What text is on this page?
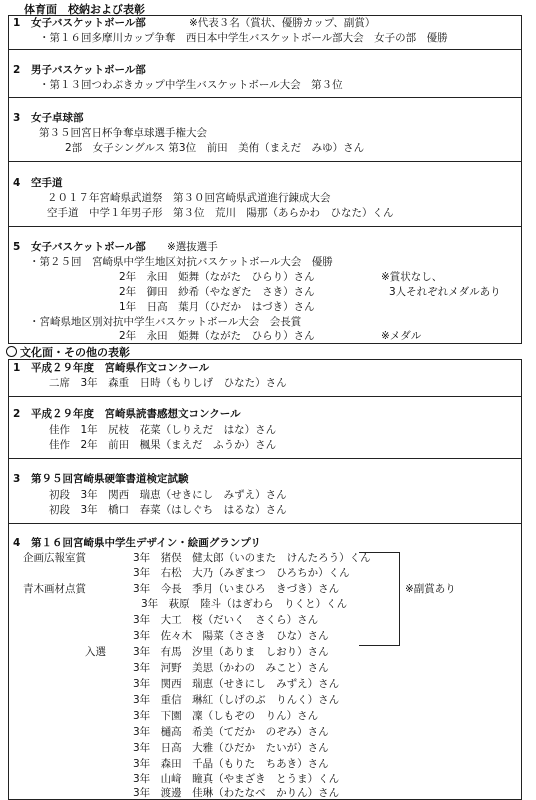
体育面　校納および表彰
1 女子バスケットボール部	※代表３名（賞状、優勝カップ、副賞）
・第１６回多摩川カップ争奪　西日本中学生バスケットボール部大会　女子の部　優勝
2 男子バスケットボール部
・第１３回つわぶきカップ中学生バスケットボール大会　第３位
3 女子卓球部
第３５回宮日杯争奪卓球選手権大会
2部　女子シングルス 第3位　前田　美侑（まえだ　みゆ）さん
4 空手道
２０１７年宮崎県武道祭　第３０回宮崎県武道進行錬成大会
空手道　中学１年男子形　第３位　荒川　陽那（あらかわ　ひなた）くん
5 女子バスケットボール部 ※選抜選手
・第２５回　宮崎県中学生地区対抗バスケットボール大会　優勝
2年　永田　姫舞（ながた　ひらり）さん
2年　御田　紗希（やなぎた　さき）さん
1年　日高　葉月（ひだか　はづき）さん
・宮崎県地区別対抗中学生バスケットボール大会　会長賞
2年　永田　姫舞（ながた　ひらり）さん
※賞状なし、
3人それぞれメダルあり
※メダル
文化面・その他の表彰
1 平成２９年度　宮崎県作文コンクール
二席　3年　森重　日時（もりしげ　ひなた）さん
2 平成２９年度　宮崎県読書感想文コンクール
佳作　1年　尻枝　花菜（しりえだ　はな）さん
佳作　2年　前田　楓果（まえだ　ふうか）さん
3 第９５回宮崎県硬筆書道検定試験
初段　3年　関西　瑞恵（せきにし　みずえ）さん
初段　3年　橋口　春菜（はしぐち　はるな）さん
4 第１６回宮崎県中学生デザイン・絵画グランプリ
企画広報室賞
青木画材点賞
入選
3年　猪俣　健太郎（いのまた　けんたろう）くん
3年　右松　大乃（みぎまつ　ひろちか）くん
3年　今長　季月（いまひろ　きづき）さん
3年　萩原　陸斗（はぎわら　りくと）くん
3年　大工　桜（だいく　さくら）さん
3年　佐々木　陽菜（ささき　ひな）さん
3年　有馬　汐里（ありま　しおり）さん
3年　河野　美思（かわの　みこと）さん
3年　関西　瑞恵（せきにし　みずえ）さん
3年　重信　琳紅（しげのぶ　りんく）さん
3年　下園　凜（しもぞの　りん）さん
3年　樋高　希美（てだか　のぞみ）さん
3年　日高　大雅（ひだか　たいが）さん
3年　森田　千晶（もりた　ちあき）さん
3年　山﨑　瞳真（やまざき　とうま）くん
3年　渡邊　佳琳（わたなべ　かりん）さん
※副賞あり
